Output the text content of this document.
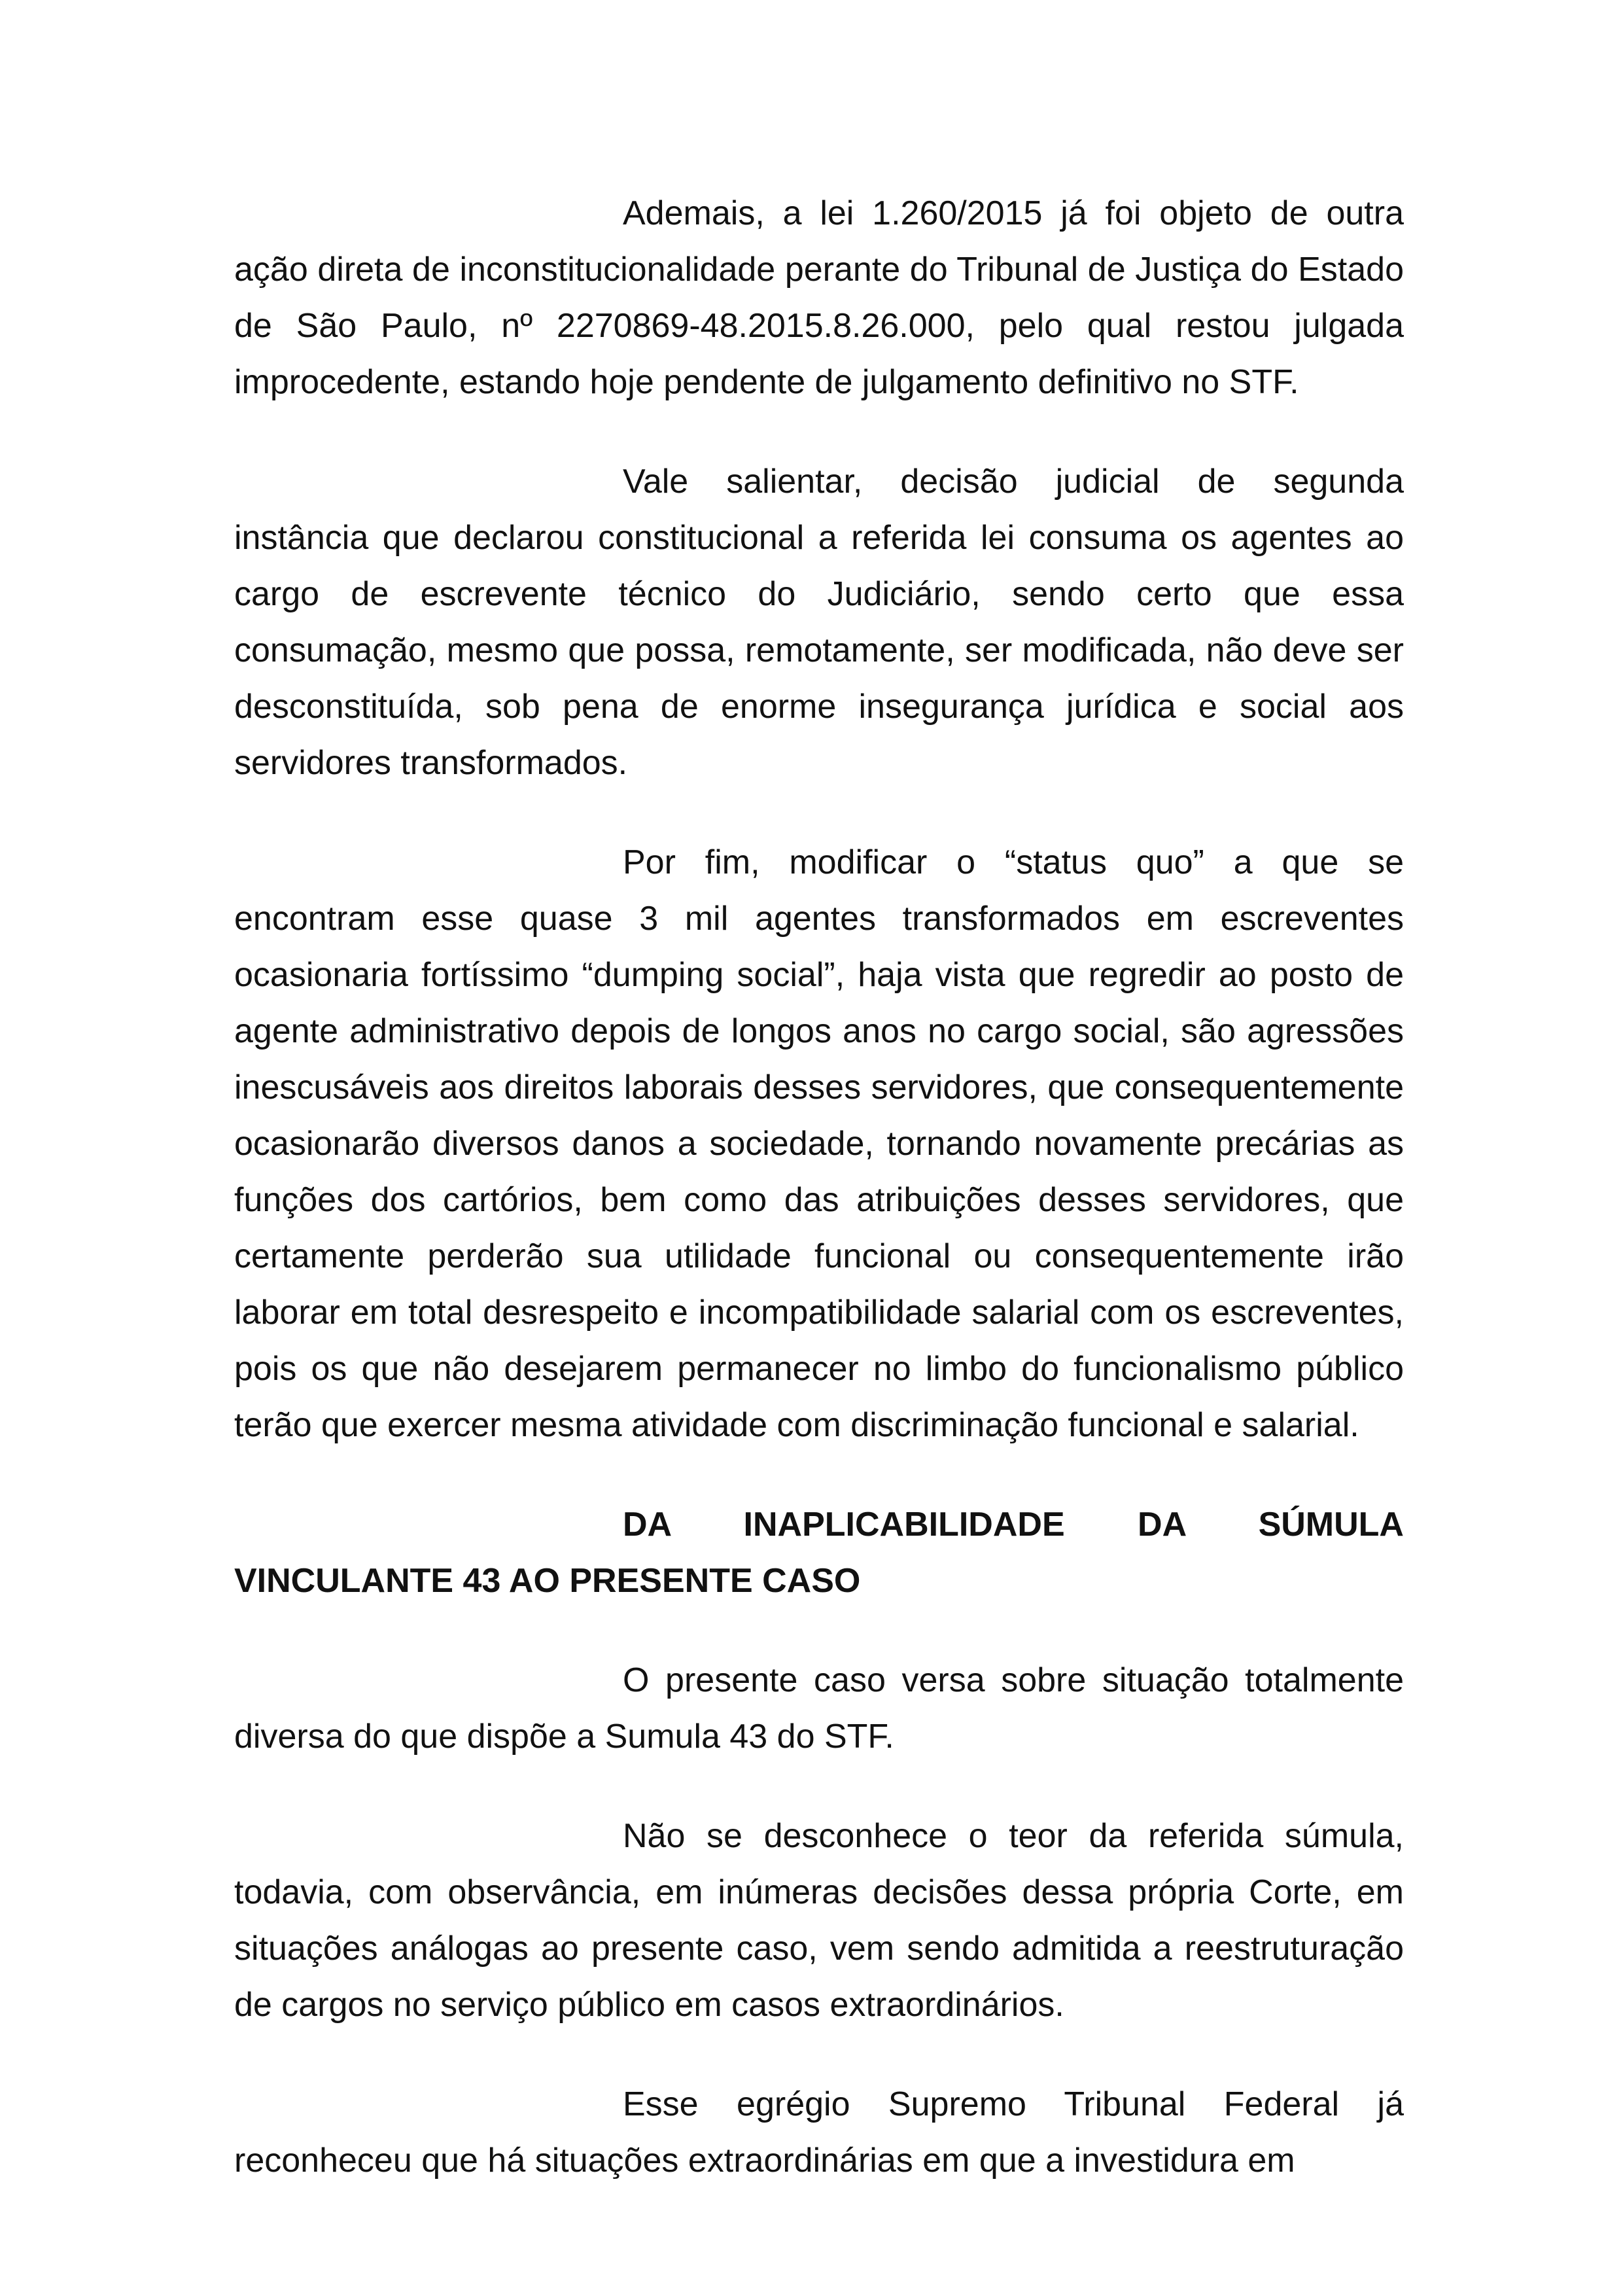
Ademais, a lei 1.260/2015 já foi objeto de outra ação direta de inconstitucionalidade perante do Tribunal de Justiça do Estado de São Paulo, nº 2270869-48.2015.8.26.000, pelo qual restou julgada improcedente, estando hoje pendente de julgamento definitivo no STF.

Vale salientar, decisão judicial de segunda instância que declarou constitucional a referida lei consuma os agentes ao cargo de escrevente técnico do Judiciário, sendo certo que essa consumação, mesmo que possa, remotamente, ser modificada, não deve ser desconstituída, sob pena de enorme insegurança jurídica e social aos servidores transformados.

Por fim, modificar o “status quo” a que se encontram esse quase 3 mil agentes transformados em escreventes ocasionaria fortíssimo “dumping social”, haja vista que regredir ao posto de agente administrativo depois de longos anos no cargo social, são agressões inescusáveis aos direitos laborais desses servidores, que consequentemente ocasionarão diversos danos a sociedade, tornando novamente precárias as funções dos cartórios, bem como das atribuições desses servidores, que certamente perderão sua utilidade funcional ou consequentemente irão laborar em total desrespeito e incompatibilidade salarial com os escreventes, pois os que não desejarem permanecer no limbo do funcionalismo público terão que exercer mesma atividade com discriminação funcional e salarial.

DA INAPLICABILIDADE DA SÚMULA VINCULANTE 43 AO PRESENTE CASO

O presente caso versa sobre situação totalmente diversa do que dispõe a Sumula 43 do STF.

Não se desconhece o teor da referida súmula, todavia, com observância, em inúmeras decisões dessa própria Corte, em situações análogas ao presente caso, vem sendo admitida a reestruturação de cargos no serviço público em casos extraordinários.

Esse egrégio Supremo Tribunal Federal já reconheceu que há situações extraordinárias em que a investidura em
